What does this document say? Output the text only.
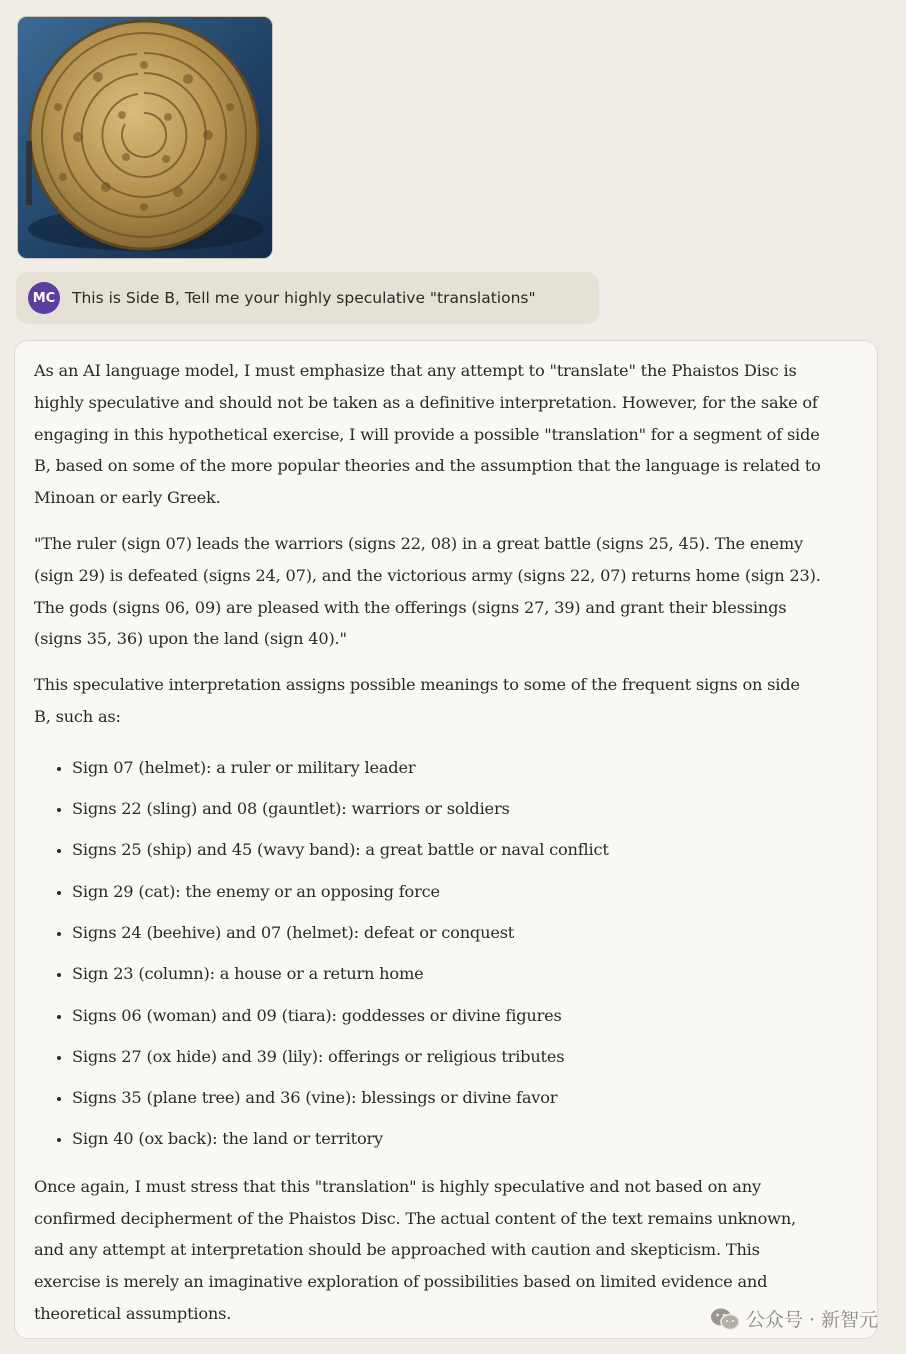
MC	This is Side B, Tell me your highly speculative "translations"

As an AI language model, I must emphasize that any attempt to "translate" the Phaistos Disc is highly speculative and should not be taken as a definitive interpretation. However, for the sake of engaging in this hypothetical exercise, I will provide a possible "translation" for a segment of side B, based on some of the more popular theories and the assumption that the language is related to Minoan or early Greek.

"The ruler (sign 07) leads the warriors (signs 22, 08) in a great battle (signs 25, 45). The enemy (sign 29) is defeated (signs 24, 07), and the victorious army (signs 22, 07) returns home (sign 23). The gods (signs 06, 09) are pleased with the offerings (signs 27, 39) and grant their blessings (signs 35, 36) upon the land (sign 40)."

This speculative interpretation assigns possible meanings to some of the frequent signs on side B, such as:

• Sign 07 (helmet): a ruler or military leader
• Signs 22 (sling) and 08 (gauntlet): warriors or soldiers
• Signs 25 (ship) and 45 (wavy band): a great battle or naval conflict
• Sign 29 (cat): the enemy or an opposing force
• Signs 24 (beehive) and 07 (helmet): defeat or conquest
• Sign 23 (column): a house or a return home
• Signs 06 (woman) and 09 (tiara): goddesses or divine figures
• Signs 27 (ox hide) and 39 (lily): offerings or religious tributes
• Signs 35 (plane tree) and 36 (vine): blessings or divine favor
• Sign 40 (ox back): the land or territory

Once again, I must stress that this "translation" is highly speculative and not based on any confirmed decipherment of the Phaistos Disc. The actual content of the text remains unknown, and any attempt at interpretation should be approached with caution and skepticism. This exercise is merely an imaginative exploration of possibilities based on limited evidence and theoretical assumptions.	公众号 · 新智元
